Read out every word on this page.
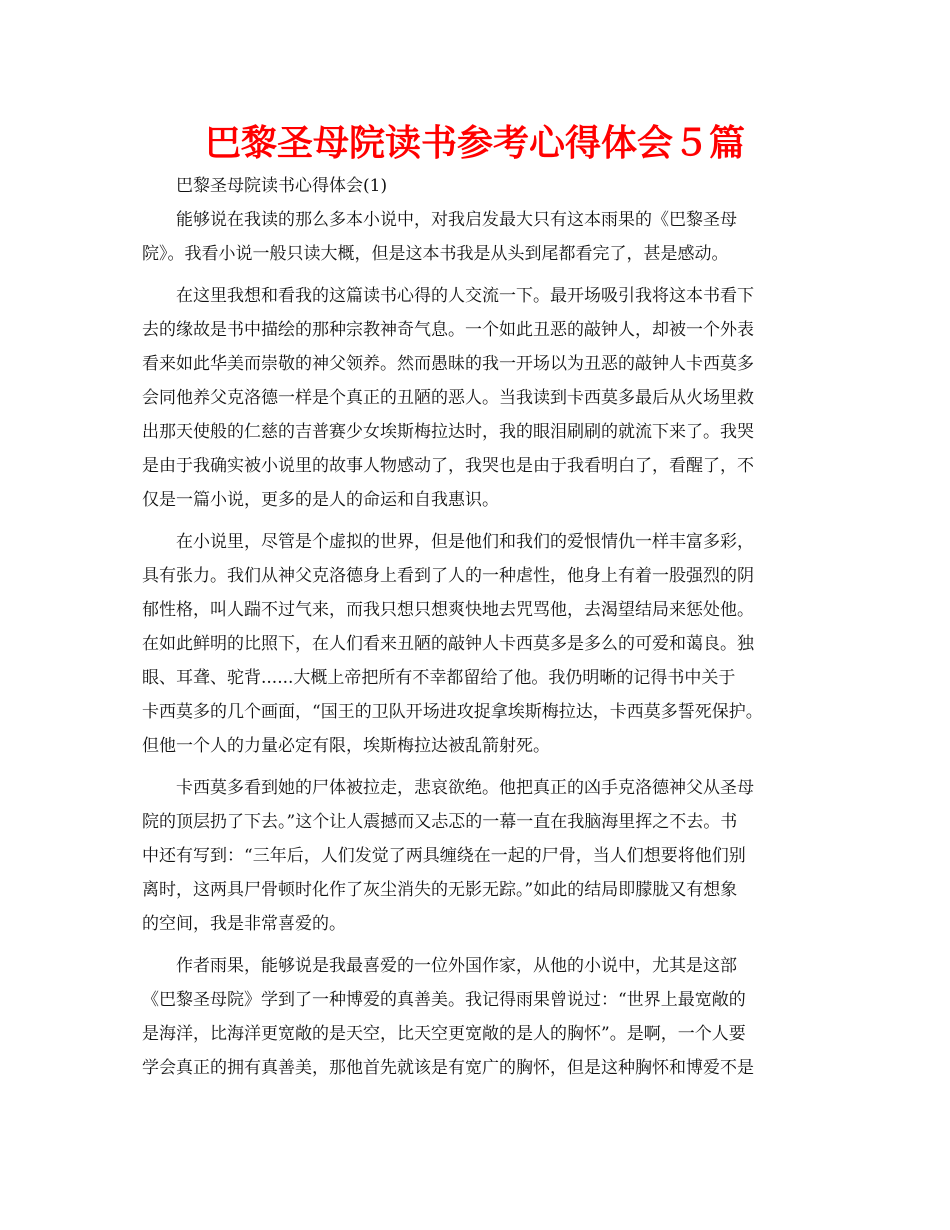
巴黎圣母院读书参考心得体会５篇

巴黎圣母院读书心得体会(1)

能够说在我读的那么多本小说中，对我启发最大只有这本雨果的《巴黎圣母
院》。我看小说一般只读大概，但是这本书我是从头到尾都看完了，甚是感动。
在这里我想和看我的这篇读书心得的人交流一下。最开场吸引我将这本书看下
去的缘故是书中描绘的那种宗教神奇气息。一个如此丑恶的敲钟人，却被一个外表
看来如此华美而崇敬的神父领养。然而愚昧的我一开场以为丑恶的敲钟人卡西莫多
会同他养父克洛德一样是个真正的丑陋的恶人。当我读到卡西莫多最后从火场里救
出那天使般的仁慈的吉普赛少女埃斯梅拉达时，我的眼泪刷刷的就流下来了。我哭
是由于我确实被小说里的故事人物感动了，我哭也是由于我看明白了，看醒了，不
仅是一篇小说，更多的是人的命运和自我惠识。
在小说里，尽管是个虚拟的世界，但是他们和我们的爱恨情仇一样丰富多彩，
具有张力。我们从神父克洛德身上看到了人的一种虐性，他身上有着一股强烈的阴
郁性格，叫人踹不过气来，而我只想只想爽快地去咒骂他，去渴望结局来惩处他。
在如此鲜明的比照下，在人们看来丑陋的敲钟人卡西莫多是多么的可爱和蔼良。独
眼、耳聋、驼背......大概上帝把所有不幸都留给了他。我仍明晰的记得书中关于
卡西莫多的几个画面，“国王的卫队开场进攻捉拿埃斯梅拉达，卡西莫多誓死保护。
但他一个人的力量必定有限，埃斯梅拉达被乱箭射死。
卡西莫多看到她的尸体被拉走，悲哀欲绝。他把真正的凶手克洛德神父从圣母
院的顶层扔了下去。”这个让人震撼而又忐忑的一幕一直在我脑海里挥之不去。书
中还有写到：“三年后，人们发觉了两具缠绕在一起的尸骨，当人们想要将他们别
离时，这两具尸骨顿时化作了灰尘消失的无影无踪。”如此的结局即朦胧又有想象
的空间，我是非常喜爱的。
作者雨果，能够说是我最喜爱的一位外国作家，从他的小说中，尤其是这部
《巴黎圣母院》学到了一种博爱的真善美。我记得雨果曾说过：“世界上最宽敞的
是海洋，比海洋更宽敞的是天空，比天空更宽敞的是人的胸怀”。是啊，一个人要
学会真正的拥有真善美，那他首先就该是有宽广的胸怀，但是这种胸怀和博爱不是
